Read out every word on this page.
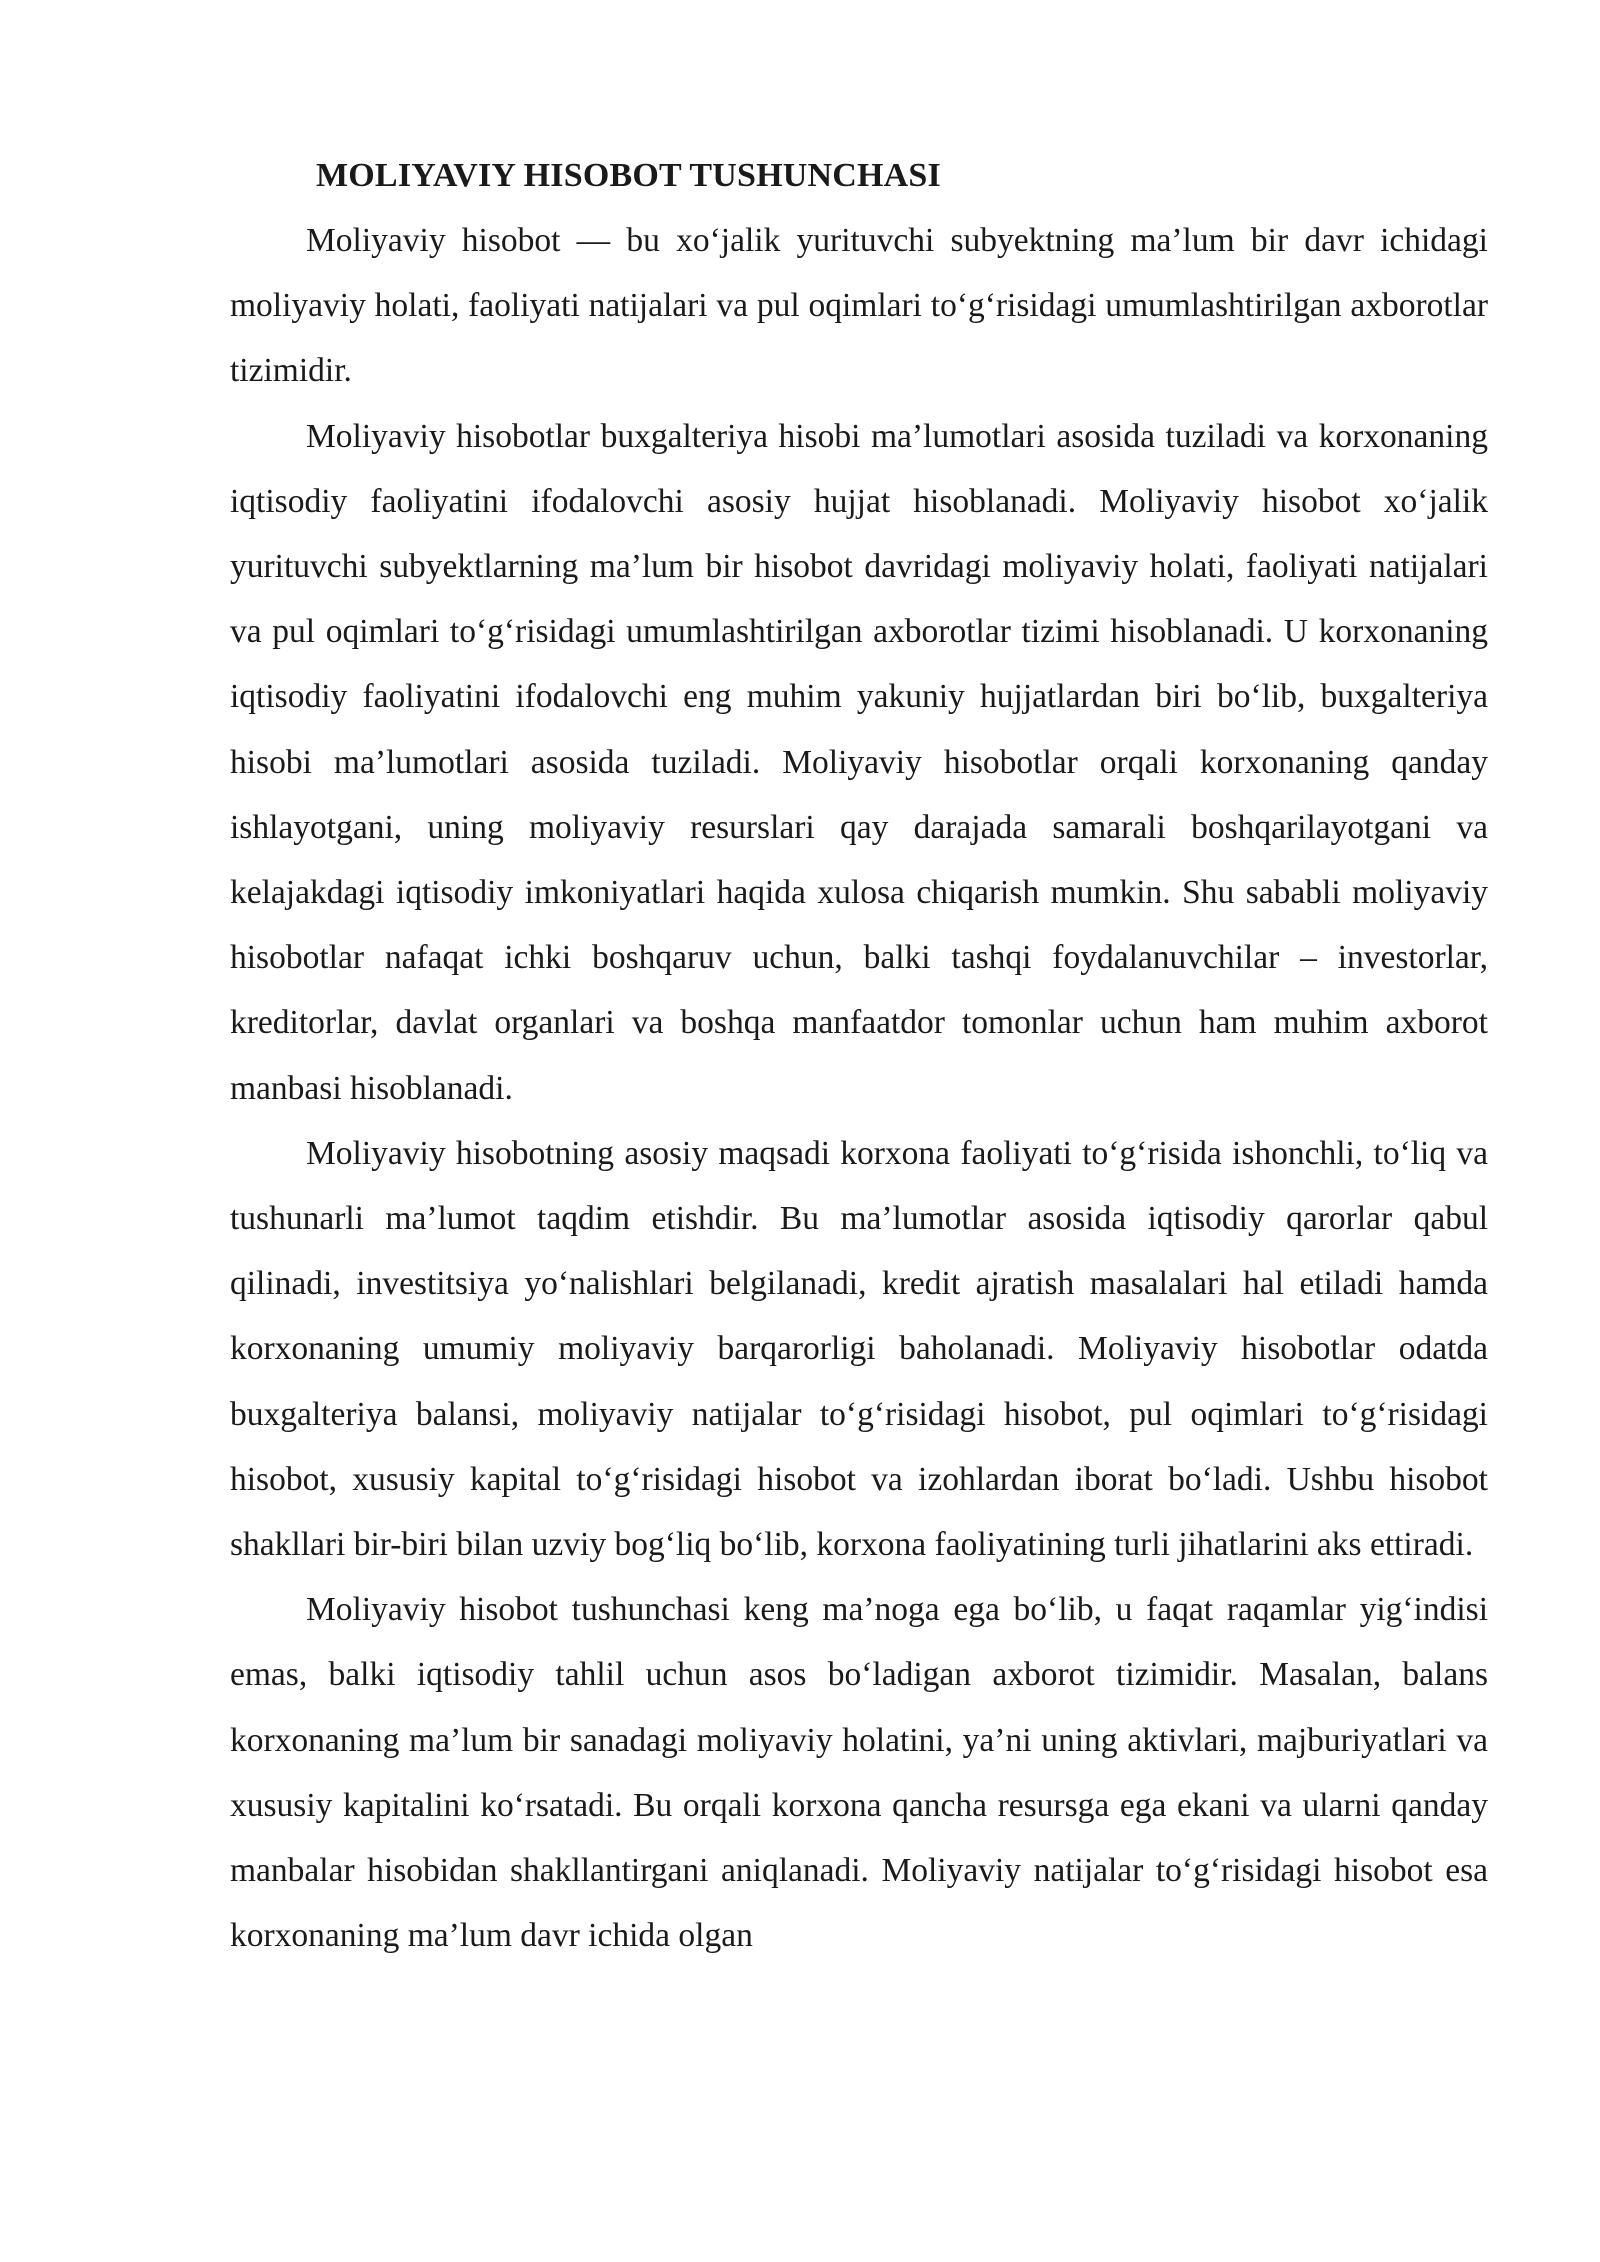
MOLIYAVIY HISOBOT TUSHUNCHASI

Moliyaviy hisobot — bu xo‘jalik yurituvchi subyektning ma’lum bir davr ichidagi moliyaviy holati, faoliyati natijalari va pul oqimlari to‘g‘risidagi umumlashtirilgan axborotlar tizimidir.

Moliyaviy hisobotlar buxgalteriya hisobi ma’lumotlari asosida tuziladi va korxonaning iqtisodiy faoliyatini ifodalovchi asosiy hujjat hisoblanadi. Moliyaviy hisobot xo‘jalik yurituvchi subyektlarning ma’lum bir hisobot davridagi moliyaviy holati, faoliyati natijalari va pul oqimlari to‘g‘risidagi umumlashtirilgan axborotlar tizimi hisoblanadi. U korxonaning iqtisodiy faoliyatini ifodalovchi eng muhim yakuniy hujjatlardan biri bo‘lib, buxgalteriya hisobi ma’lumotlari asosida tuziladi. Moliyaviy hisobotlar orqali korxonaning qanday ishlayotgani, uning moliyaviy resurslari qay darajada samarali boshqarilayotgani va kelajakdagi iqtisodiy imkoniyatlari haqida xulosa chiqarish mumkin. Shu sababli moliyaviy hisobotlar nafaqat ichki boshqaruv uchun, balki tashqi foydalanuvchilar – investorlar, kreditorlar, davlat organlari va boshqa manfaatdor tomonlar uchun ham muhim axborot manbasi hisoblanadi.

Moliyaviy hisobotning asosiy maqsadi korxona faoliyati to‘g‘risida ishonchli, to‘liq va tushunarli ma’lumot taqdim etishdir. Bu ma’lumotlar asosida iqtisodiy qarorlar qabul qilinadi, investitsiya yo‘nalishlari belgilanadi, kredit ajratish masalalari hal etiladi hamda korxonaning umumiy moliyaviy barqarorligi baholanadi. Moliyaviy hisobotlar odatda buxgalteriya balansi, moliyaviy natijalar to‘g‘risidagi hisobot, pul oqimlari to‘g‘risidagi hisobot, xususiy kapital to‘g‘risidagi hisobot va izohlardan iborat bo‘ladi. Ushbu hisobot shakllari bir-biri bilan uzviy bog‘liq bo‘lib, korxona faoliyatining turli jihatlarini aks ettiradi.

Moliyaviy hisobot tushunchasi keng ma’noga ega bo‘lib, u faqat raqamlar yig‘indisi emas, balki iqtisodiy tahlil uchun asos bo‘ladigan axborot tizimidir. Masalan, balans korxonaning ma’lum bir sanadagi moliyaviy holatini, ya’ni uning aktivlari, majburiyatlari va xususiy kapitalini ko‘rsatadi. Bu orqali korxona qancha resursga ega ekani va ularni qanday manbalar hisobidan shakllantirgani aniqlanadi. Moliyaviy natijalar to‘g‘risidagi hisobot esa korxonaning ma’lum davr ichida olgan
